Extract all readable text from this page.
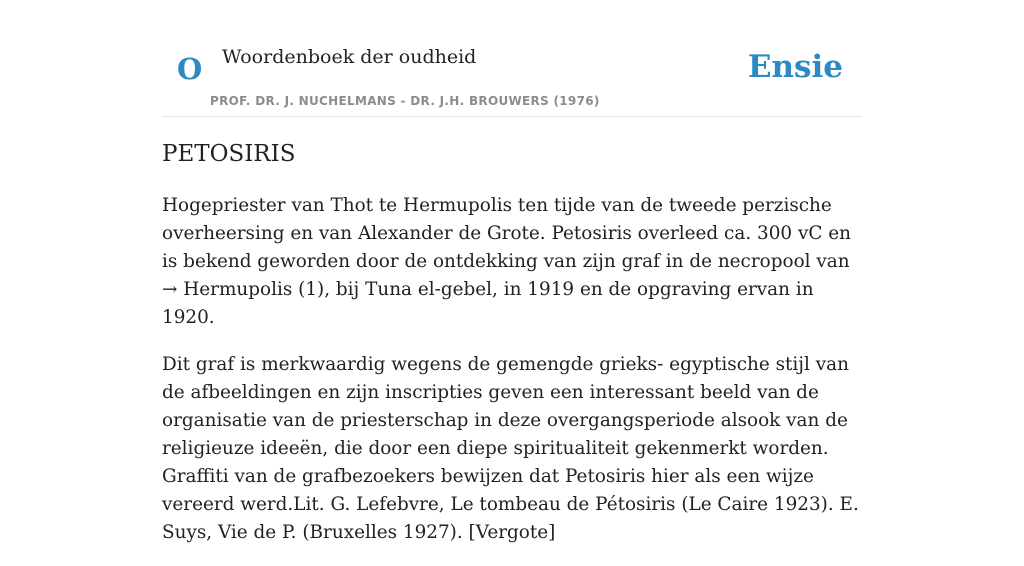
O Woordenboek der oudheid
PROF. DR. J. NUCHELMANS - DR. J.H. BROUWERS (1976)
Ensie
PETOSIRIS

Hogepriester van Thot te Hermupolis ten tijde van de tweede perzische overheersing en van Alexander de Grote. Petosiris overleed ca. 300 vC en is bekend geworden door de ontdekking van zijn graf in de necropool van → Hermupolis (1), bij Tuna el-gebel, in 1919 en de opgraving ervan in 1920.

Dit graf is merkwaardig wegens de gemengde grieks- egyptische stijl van de afbeeldingen en zijn inscripties geven een interessant beeld van de organisatie van de priesterschap in deze overgangsperiode alsook van de religieuze ideeën, die door een diepe spiritualiteit gekenmerkt worden. Graffiti van de grafbezoekers bewijzen dat Petosiris hier als een wijze vereerd werd.Lit. G. Lefebvre, Le tombeau de Pétosiris (Le Caire 1923). E. Suys, Vie de P. (Bruxelles 1927). [Vergote]
